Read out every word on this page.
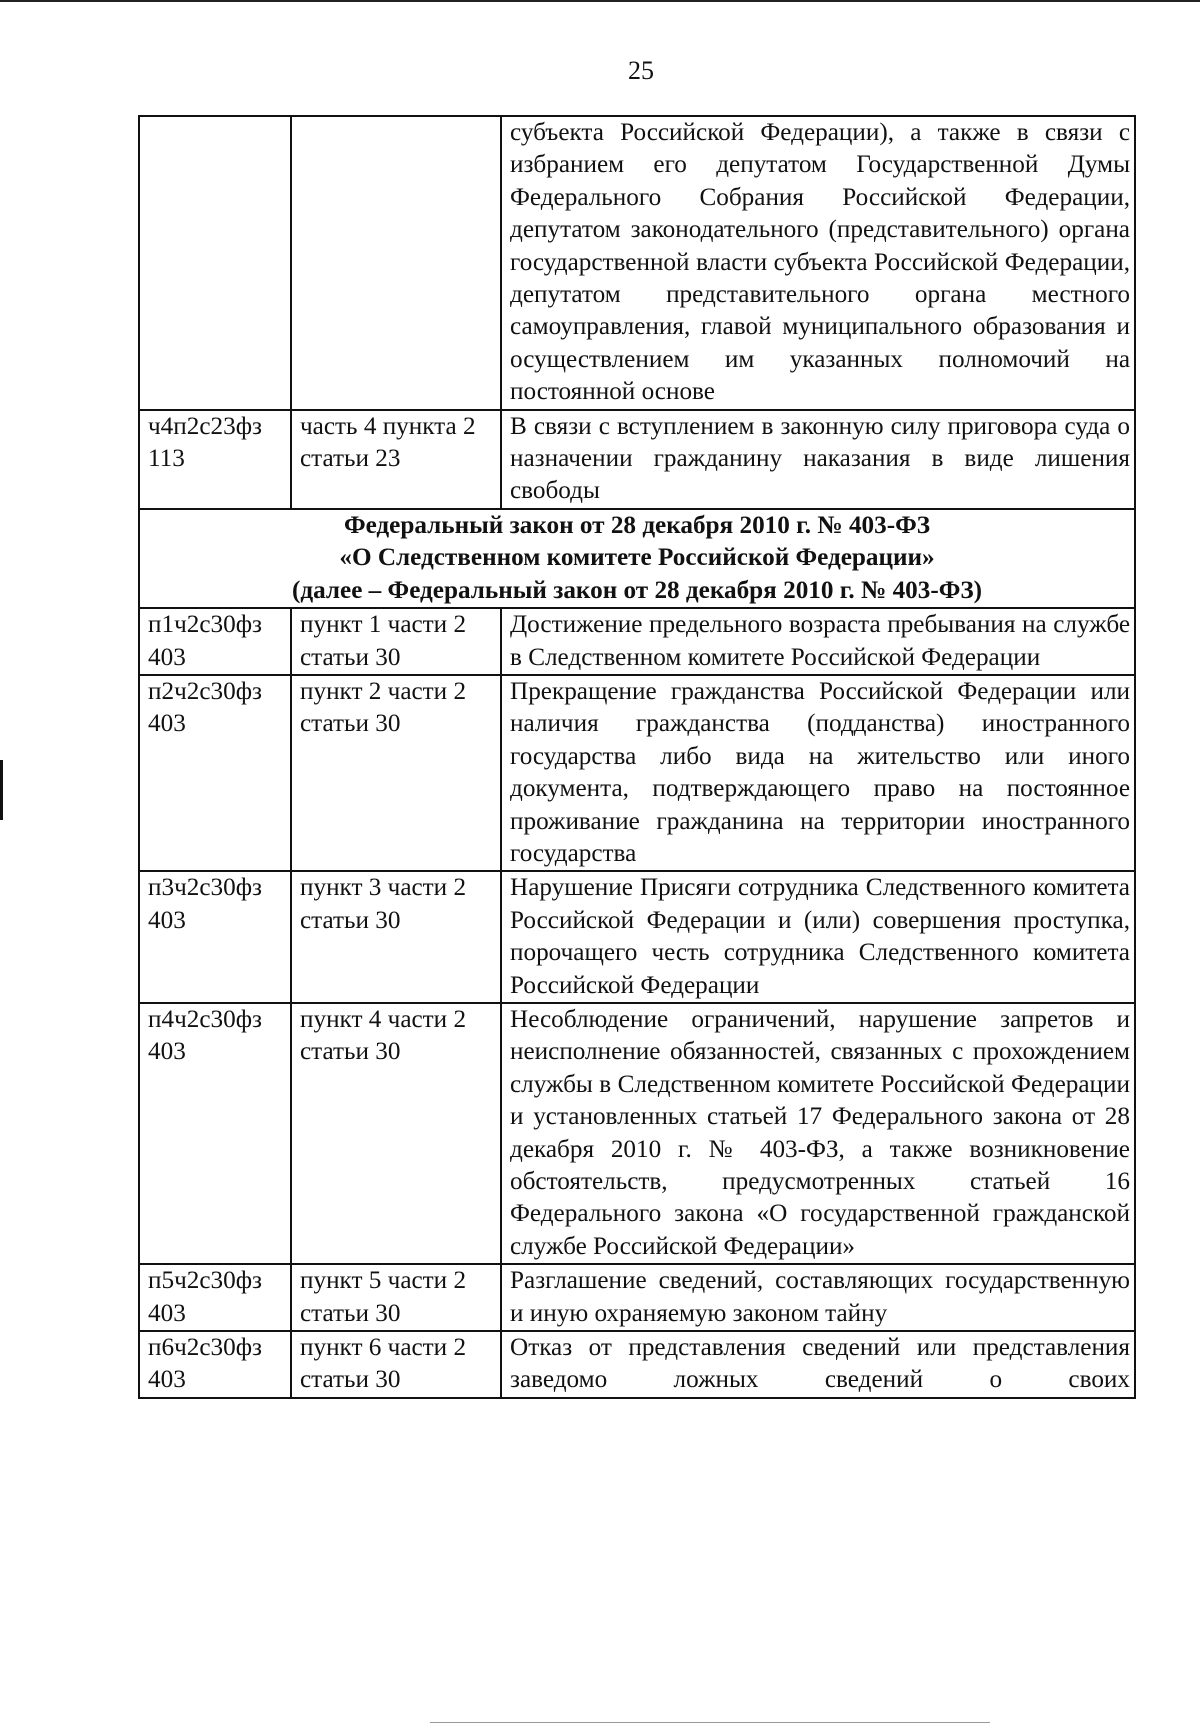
25
		субъекта Российской Федерации), а также в связи с избранием его депутатом Государственной Думы Федерального Собрания Российской Федерации, депутатом законодательного (представительного) органа государственной власти субъекта Российской Федерации, депутатом представительного органа местного самоуправления, главой муниципального образования и осуществлением им указанных полномочий на постоянной основе
ч4п2с23фз 113	часть 4 пункта 2 статьи 23	В связи с вступлением в законную силу приговора суда о назначении гражданину наказания в виде лишения свободы

Федеральный закон от 28 декабря 2010 г. № 403-ФЗ
«О Следственном комитете Российской Федерации»
(далее – Федеральный закон от 28 декабря 2010 г. № 403-ФЗ)		

п1ч2с30фз 403	пункт 1 части 2 статьи 30	Достижение предельного возраста пребывания на службе в Следственном комитете Российской Федерации
п2ч2с30фз 403	пункт 2 части 2 статьи 30	Прекращение гражданства Российской Федерации или наличия гражданства (подданства) иностранного государства либо вида на жительство или иного документа, подтверждающего право на постоянное проживание гражданина на территории иностранного государства
п3ч2с30фз 403	пункт 3 части 2 статьи 30	Нарушение Присяги сотрудника Следственного комитета Российской Федерации и (или) совершения проступка, порочащего честь сотрудника Следственного комитета Российской Федерации
п4ч2с30фз 403	пункт 4 части 2 статьи 30	Несоблюдение ограничений, нарушение запретов и неисполнение обязанностей, связанных с прохождением службы в Следственном комитете Российской Федерации и установленных статьей 17 Федерального закона от 28 декабря 2010 г. № 403-ФЗ, а также возникновение обстоятельств, предусмотренных статьей 16 Федерального закона «О государственной гражданской службе Российской Федерации»
п5ч2с30фз 403	пункт 5 части 2 статьи 30	Разглашение сведений, составляющих государственную и иную охраняемую законом тайну
п6ч2с30фз 403	пункт 6 части 2 статьи 30	Отказ от представления сведений или представления заведомо ложных сведений о своих
